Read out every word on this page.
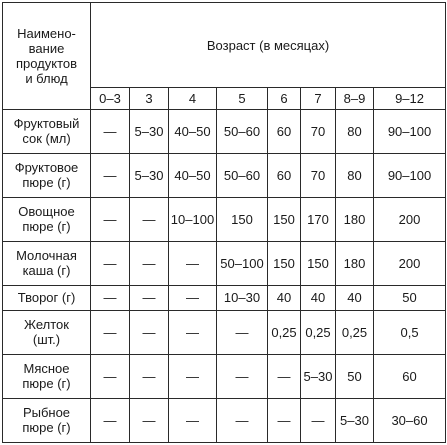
Наимено-
вание
продуктов
и блюд	Возраст (в месяцах)							
	0–3	3	4	5	6	7	8–9	9–12

Фруктовый
сок (мл)	—	5–30	40–50	50–60	60	70	80	90–100

Фруктовое
пюре (г)	—	5–30	40–50	50–60	60	70	80	90–100

Овощное
пюре (г)	—	—	10–100	150	150	170	180	200

Молочная
каша (г)	—	—	—	50–100	150	150	180	200

Творог (г)	—	—	—	10–30	40	40	40	50

Желток
(шт.)	—	—	—	—	0,25	0,25	0,25	0,5

Мясное
пюре (г)	—	—	—	—	—	5–30	50	60

Рыбное
пюре (г)	—	—	—	—	—	—	5–30	30–60
